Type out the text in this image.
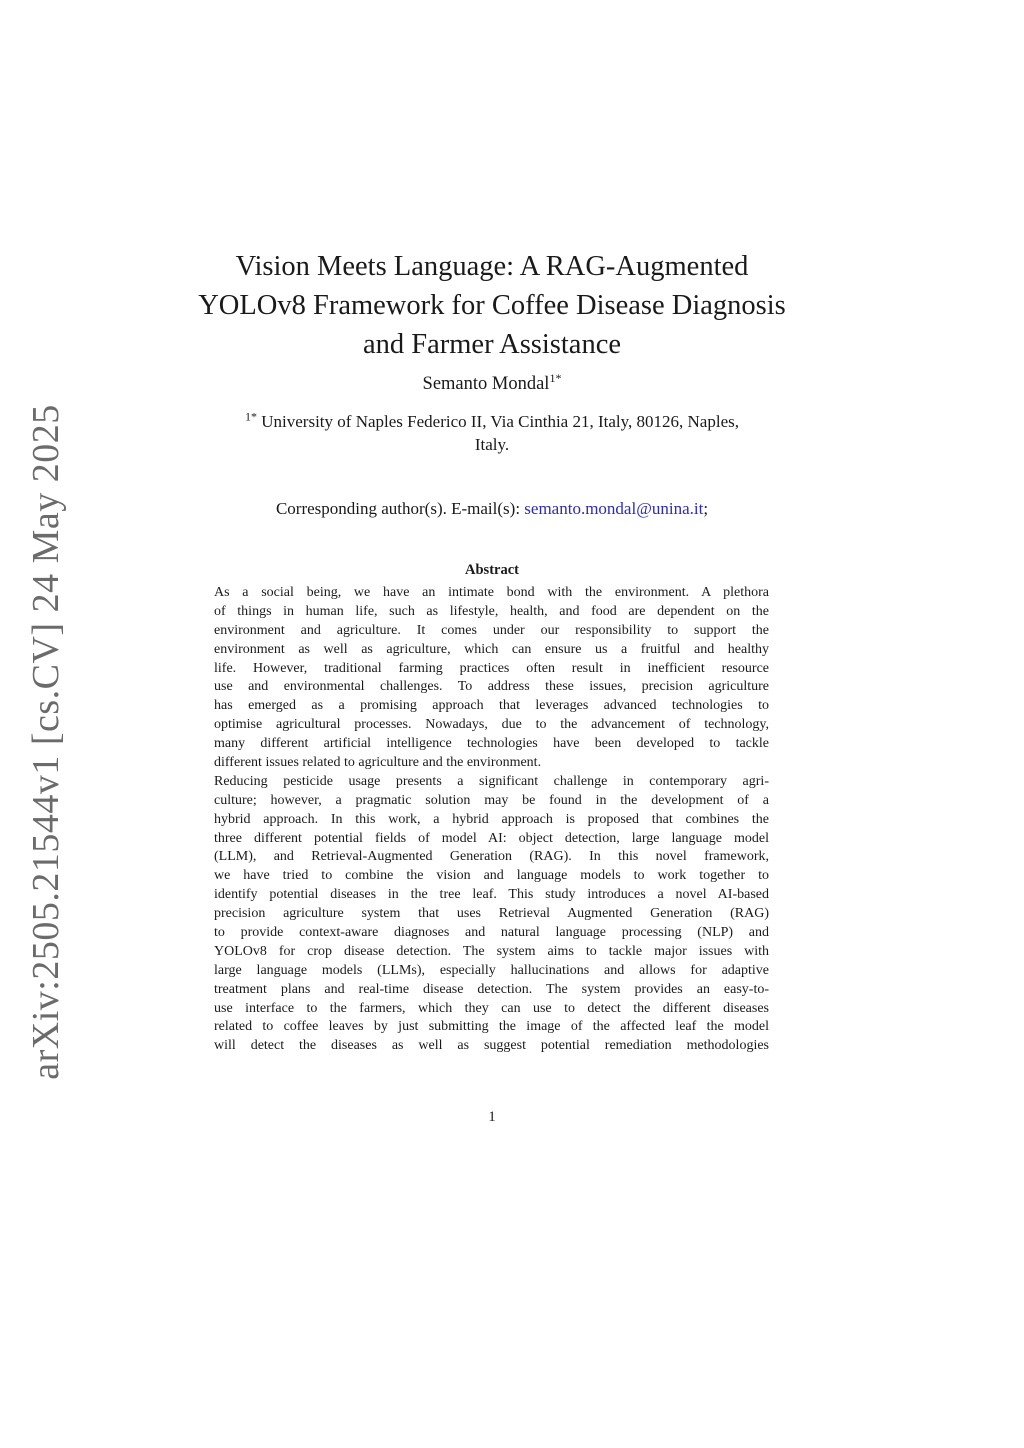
arXiv:2505.21544v1 [cs.CV] 24 May 2025
Vision Meets Language: A RAG-Augmented
YOLOv8 Framework for Coffee Disease Diagnosis
and Farmer Assistance
Semanto Mondal$^{1*}$
$^{1*}$ University of Naples Federico II, Via Cinthia 21, Italy, 80126, Naples,
Italy.
Corresponding author(s). E-mail(s): semanto.mondal@unina.it;
Abstract
As a social being, we have an intimate bond with the environment. A plethora
of things in human life, such as lifestyle, health, and food are dependent on the
environment and agriculture. It comes under our responsibility to support the
environment as well as agriculture, which can ensure us a fruitful and healthy
life. However, traditional farming practices often result in inefficient resource
use and environmental challenges. To address these issues, precision agriculture
has emerged as a promising approach that leverages advanced technologies to
optimise agricultural processes. Nowadays, due to the advancement of technology,
many different artificial intelligence technologies have been developed to tackle
different issues related to agriculture and the environment.
Reducing pesticide usage presents a significant challenge in contemporary agri-
culture; however, a pragmatic solution may be found in the development of a
hybrid approach. In this work, a hybrid approach is proposed that combines the
three different potential fields of model AI: object detection, large language model
(LLM), and Retrieval-Augmented Generation (RAG). In this novel framework,
we have tried to combine the vision and language models to work together to
identify potential diseases in the tree leaf. This study introduces a novel AI-based
precision agriculture system that uses Retrieval Augmented Generation (RAG)
to provide context-aware diagnoses and natural language processing (NLP) and
YOLOv8 for crop disease detection. The system aims to tackle major issues with
large language models (LLMs), especially hallucinations and allows for adaptive
treatment plans and real-time disease detection. The system provides an easy-to-
use interface to the farmers, which they can use to detect the different diseases
related to coffee leaves by just submitting the image of the affected leaf the model
will detect the diseases as well as suggest potential remediation methodologies
1
